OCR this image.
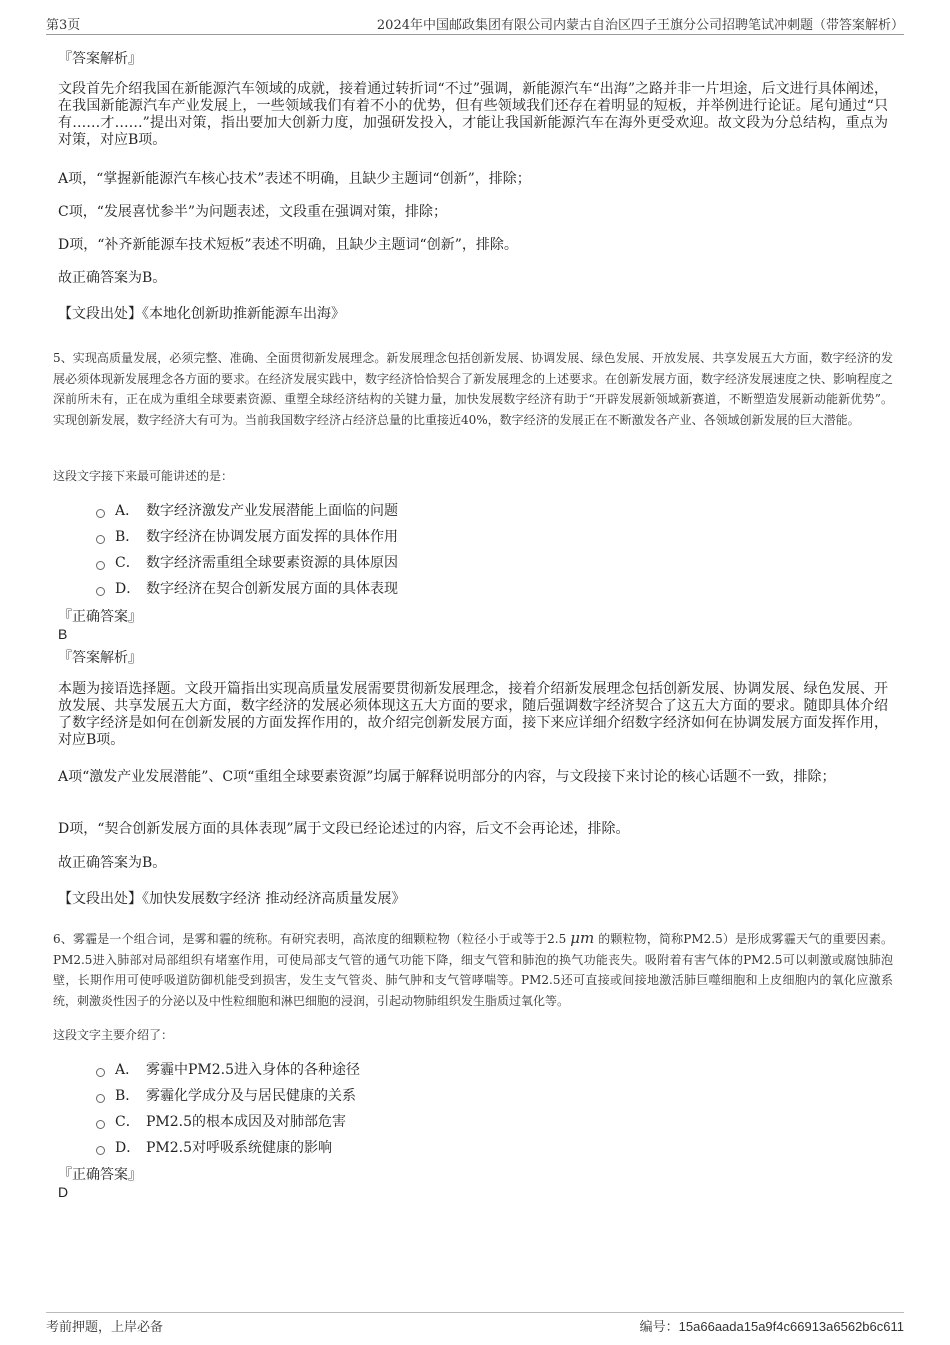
第3页	2024年中国邮政集团有限公司内蒙古自治区四子王旗分公司招聘笔试冲刺题（带答案解析）
『答案解析』
文段首先介绍我国在新能源汽车领域的成就，接着通过转折词“不过”强调，新能源汽车“出海”之路并非一片坦途，后文进行具体阐述，在我国新能源汽车产业发展上，一些领域我们有着不小的优势，但有些领域我们还存在着明显的短板，并举例进行论证。尾句通过“只有……才……”提出对策，指出要加大创新力度，加强研发投入，才能让我国新能源汽车在海外更受欢迎。故文段为分总结构，重点为对策，对应B项。
A项，“掌握新能源汽车核心技术”表述不明确，且缺少主题词“创新”，排除；
C项，“发展喜忧参半”为问题表述，文段重在强调对策，排除；
D项，“补齐新能源车技术短板”表述不明确，且缺少主题词“创新”，排除。
故正确答案为B。
【文段出处】《本地化创新助推新能源车出海》
5、实现高质量发展，必须完整、准确、全面贯彻新发展理念。新发展理念包括创新发展、协调发展、绿色发展、开放发展、共享发展五大方面，数字经济的发展必须体现新发展理念各方面的要求。在经济发展实践中，数字经济恰恰契合了新发展理念的上述要求。在创新发展方面，数字经济发展速度之快、影响程度之深前所未有，正在成为重组全球要素资源、重塑全球经济结构的关键力量，加快发展数字经济有助于“开辟发展新领域新赛道，不断塑造发展新动能新优势”。实现创新发展，数字经济大有可为。当前我国数字经济占经济总量的比重接近40%，数字经济的发展正在不断激发各产业、各领域创新发展的巨大潜能。
这段文字接下来最可能讲述的是：
A． 数字经济激发产业发展潜能上面临的问题
B． 数字经济在协调发展方面发挥的具体作用
C． 数字经济需重组全球要素资源的具体原因
D． 数字经济在契合创新发展方面的具体表现
『正确答案』
B
『答案解析』
本题为接语选择题。文段开篇指出实现高质量发展需要贯彻新发展理念，接着介绍新发展理念包括创新发展、协调发展、绿色发展、开放发展、共享发展五大方面，数字经济的发展必须体现这五大方面的要求，随后强调数字经济契合了这五大方面的要求。随即具体介绍了数字经济是如何在创新发展的方面发挥作用的，故介绍完创新发展方面，接下来应详细介绍数字经济如何在协调发展方面发挥作用，对应B项。
A项“激发产业发展潜能”、C项“重组全球要素资源”均属于解释说明部分的内容，与文段接下来讨论的核心话题不一致，排除；
D项，“契合创新发展方面的具体表现”属于文段已经论述过的内容，后文不会再论述，排除。
故正确答案为B。
【文段出处】《加快发展数字经济 推动经济高质量发展》
6、雾霾是一个组合词，是雾和霾的统称。有研究表明，高浓度的细颗粒物（粒径小于或等于2.5 μm 的颗粒物，简称PM2.5）是形成雾霾天气的重要因素。PM2.5进入肺部对局部组织有堵塞作用，可使局部支气管的通气功能下降，细支气管和肺泡的换气功能丧失。吸附着有害气体的PM2.5可以刺激或腐蚀肺泡壁，长期作用可使呼吸道防御机能受到损害，发生支气管炎、肺气肿和支气管哮喘等。PM2.5还可直接或间接地激活肺巨噬细胞和上皮细胞内的氧化应激系统，刺激炎性因子的分泌以及中性粒细胞和淋巴细胞的浸润，引起动物肺组织发生脂质过氧化等。
这段文字主要介绍了：
A． 雾霾中PM2.5进入身体的各种途径
B． 雾霾化学成分及与居民健康的关系
C． PM2.5的根本成因及对肺部危害
D． PM2.5对呼吸系统健康的影响
『正确答案』
D
考前押题，上岸必备	编号：15a66aada15a9f4c66913a6562b6c611
